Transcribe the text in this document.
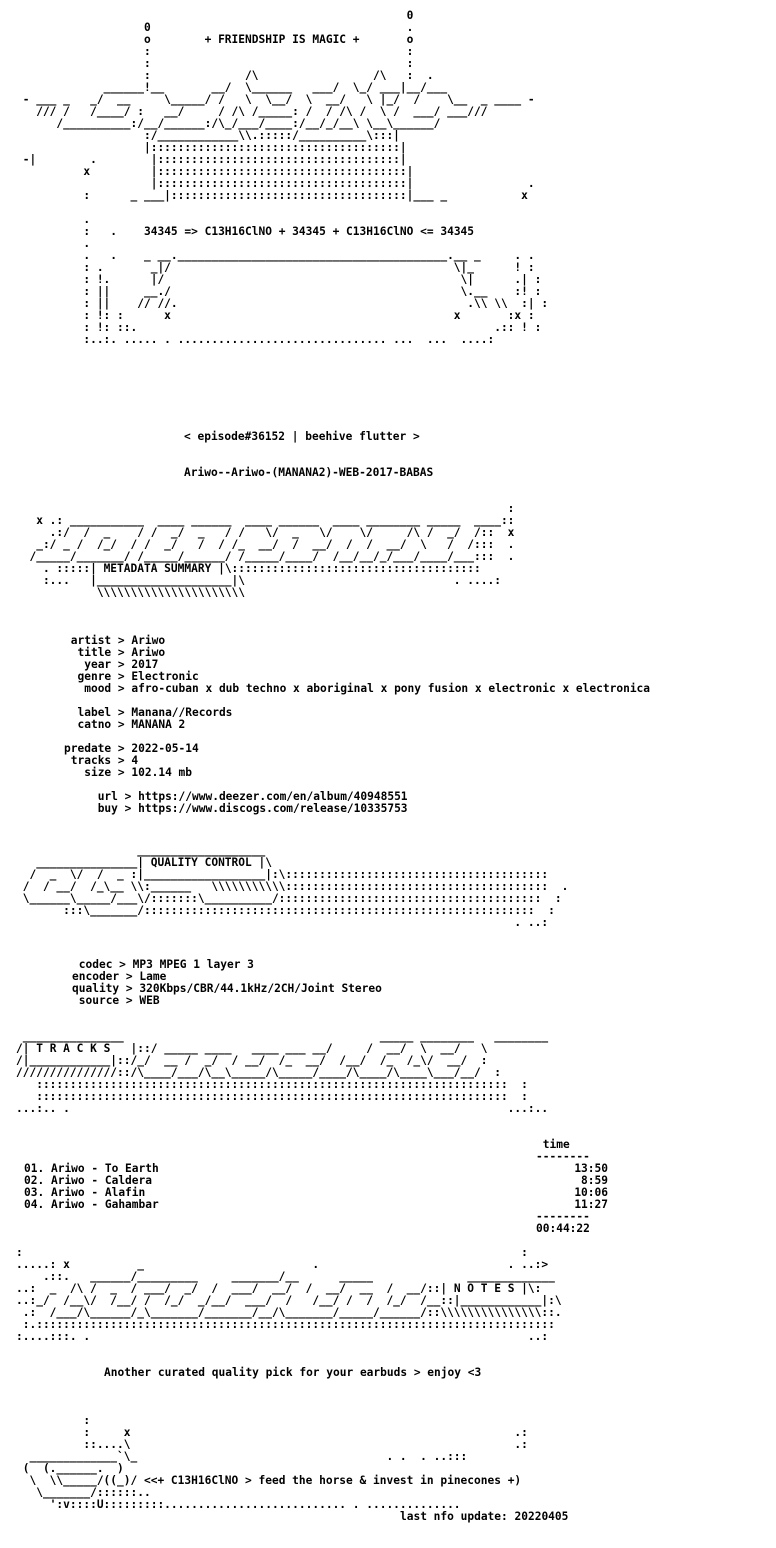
0
0                                      .
o	+ FRIENDSHIP IS MAGIC +	o
:                                      :
:                                      :
:              /\                 /\   :  .
______!__       __/  \______   ___/  \_/ ___|__/___
- ___ _   _/  __     \_____/ /   \  \__/  \  __/   \ |_/  /    \__  _ ____ -
/// /   /____/ :   __/     / /\ /_____: /  / /\ /  \ /  ___/ ___///
/__________:/__/______:/\_/___/____:/__/_/__\ \__\______/
:/____________\\.:::::/__________\:::|
|:::::::::::::::::::::::::::::::::::::|
-|        .        |::::::::::::::::::::::::::::::::::::|
x         |:::::::::::::::::::::::::::::::::::::|
|:::::::::::::::::::::::::::::::::::::|                 .
:      _ ___|:::::::::::::::::::::::::::::::::::|___ _           x

.
:   .    34345 => C13H16ClNO + 34345 + C13H16ClNO <= 34345
.
.   .    _ __.________________________________________.__ _     . .
: .       _|/                                          \|_      ! :
: !.      |/                                            \|      .| :
: ||     __./                                           \.__    :! :
: ||    // //.                                           .\\ \\  :| :
: !: :      x                                          x       :x :
: !: ::.                                                     .:: ! :
:..:. ..... . ............................... ...  ...  ....:

< episode#36152 | beehive flutter >
Ariwo--Ariwo-(MANANA2)-WEB-2017-BABAS
:
x .: ___________  ____ ______  ____ ______  ____ ________ _____  ____::
.:/  /  _    / /  _/  _   / /   \/  _   \/    \/     /\ /  _/  /::  x
_:/ _ /  /_/  / /  _/   /  / /_  __/  /  __/  /  /  __/  \   /  /:::  .
/_____/_______/ /_____/______/ /_____/____/  /__/__/_/___/____/___:::  .
. :::::| METADATA SUMMARY |\:::::::::::::::::::::::::::::::::::::
:...   |____________________|\                               . ....:
\\\\\\\\\\\\\\\\\\\\\\

artist > Ariwo
title > Ariwo
year > 2017
genre > Electronic
mood > afro-cuban x dub techno x aboriginal x pony fusion x electronic x electronica

label > Manana//Records
catno > MANANA 2

predate > 2022-05-14
tracks > 4
size > 102.14 mb

url > https://www.deezer.com/en/album/40948551
buy > https://www.discogs.com/release/10335753

___________________
_______________| QUALITY CONTROL |\
/  _  \/  /  _ :|__________________|:\:::::::::::::::::::::::::::::::::::::::
/  / __/  /_\__ \\:______   \\\\\\\\\\\:::::::::::::::::::::::::::::::::::::::  .
\______\_____/___\/:::::::\__________/:::::::::::::::::::::::::::::::::::::::  :
:::\_______/::::::::::::::::::::::::::::::::::::::::::::::::::::::::::  :
. ..:

codec > MP3 MPEG 1 layer 3
encoder > Lame
quality > 320Kbps/CBR/44.1kHz/2CH/Joint Stereo
source > WEB

_______________                                      _____ ________   ________
/| T R A C K S   |::/ _____ ____   ____ ___ __/     /  __/  \  __/   \
/|____________|::/_/  __ /  _/  / __/  /_  __/  /__/  /_  /_\/  __/  :
///////////////::/\____/___/\__\_____/\_____/____/\____/\____\___/__/  :
::::::::::::::::::::::::::::::::::::::::::::::::::::::::::::::::::::::  :
::::::::::::::::::::::::::::::::::::::::::::::::::::::::::::::::::::::  :
...:.. .                                                                 ...:..

time
--------

01. Ariwo - To Earth
02. Ariwo - Caldera
03. Ariwo - Alafin
04. Ariwo - Gahambar

13:50
8:59
10:06
11:27

--------
00:44:22

:                                                                          :
.....: x          _                         .                            . ..:>
.::.   ______/_________     _______/__      _____              _____________
..:  _  /\ /  _  / ___/  _/  /  ___/  __/  /  __/  __  /  __/::| N O T E S |\:
..:_/  /__\/  /__/ /  /_/  _/__/  ___/  /   /__/ /  /  /_/  /__::|____________|:\
.:  /___/\______/_\_______/_______/__/\_______/_____/______/::\\\\\\\\\\\\\\\::.
:.:::::::::::::::::::::::::::::::::::::::::::::::::::::::::::::::::::::::::::::
:....:::. .                                                                 ..:

Another curated quality pick for your earbuds > enjoy <3
:
:     x                                                         .:
::....\                                                         .:
_____________`\_                                     . .  . ..:::
(  (.______.  )
\  \\_____/((_)/ <<+ C13H16ClNO > feed the horse & invest in pinecones +)
\_______/::::::..
':v::::U:::::::::........................... . ..............

last nfo update: 20220405
